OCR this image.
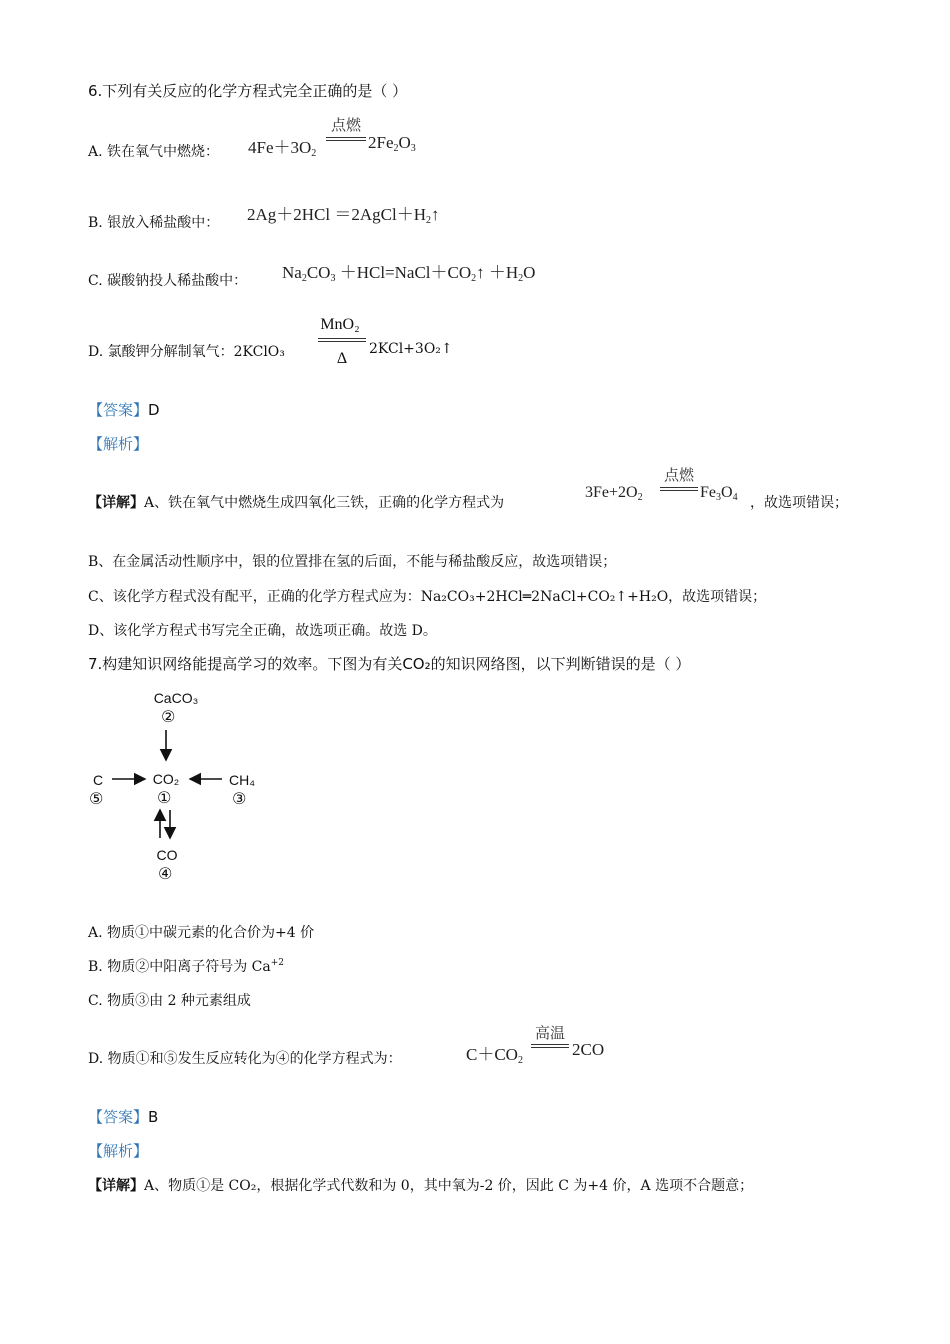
6.下列有关反应的化学方程式完全正确的是（ ）
A. 铁在氧气中燃烧： $4Fe+3O_2$
点燃
$2Fe_2O_3$
B. 银放入稀盐酸中： $2Ag+2HCl =2AgCl+H_2↑$
C. 碳酸钠投人稀盐酸中： $Na_2CO_3$ $+HCl=NaCl+CO_2↑ +H_2O$
D. 氯酸钾分解制氧气：2KClO₃
MnO₂
Δ
2KCl+3O₂↑
【答案】D
【解析】
【详解】A、铁在氧气中燃烧生成四氧化三铁，正确的化学方程式为
$3Fe+2O_2$
点燃
$Fe_3O_4$ ，故选项错误；
B、在金属活动性顺序中，银的位置排在氢的后面，不能与稀盐酸反应，故选项错误；
C、该化学方程式没有配平，正确的化学方程式应为：Na₂CO₃+2HCl═2NaCl+CO₂↑+H₂O，故选项错误；
D、该化学方程式书写完全正确，故选项正确。故选 D。
7.构建知识网络能提高学习的效率。下图为有关CO₂的知识网络图，以下判断错误的是（ ）
CaCO₃
②
C
⑤
CO₂
①
CH₄
③
CO
④
A. 物质①中碳元素的化合价为+4 价
B. 物质②中阳离子符号为 $Ca^{+2}$
C. 物质③由 2 种元素组成
D. 物质①和⑤发生反应转化为④的化学方程式为：	$C+CO_2$
高温
2CO
【答案】B
【解析】
【详解】A、物质①是 CO₂，根据化学式代数和为 0，其中氧为-2 价，因此 C 为+4 价，A 选项不合题意；
